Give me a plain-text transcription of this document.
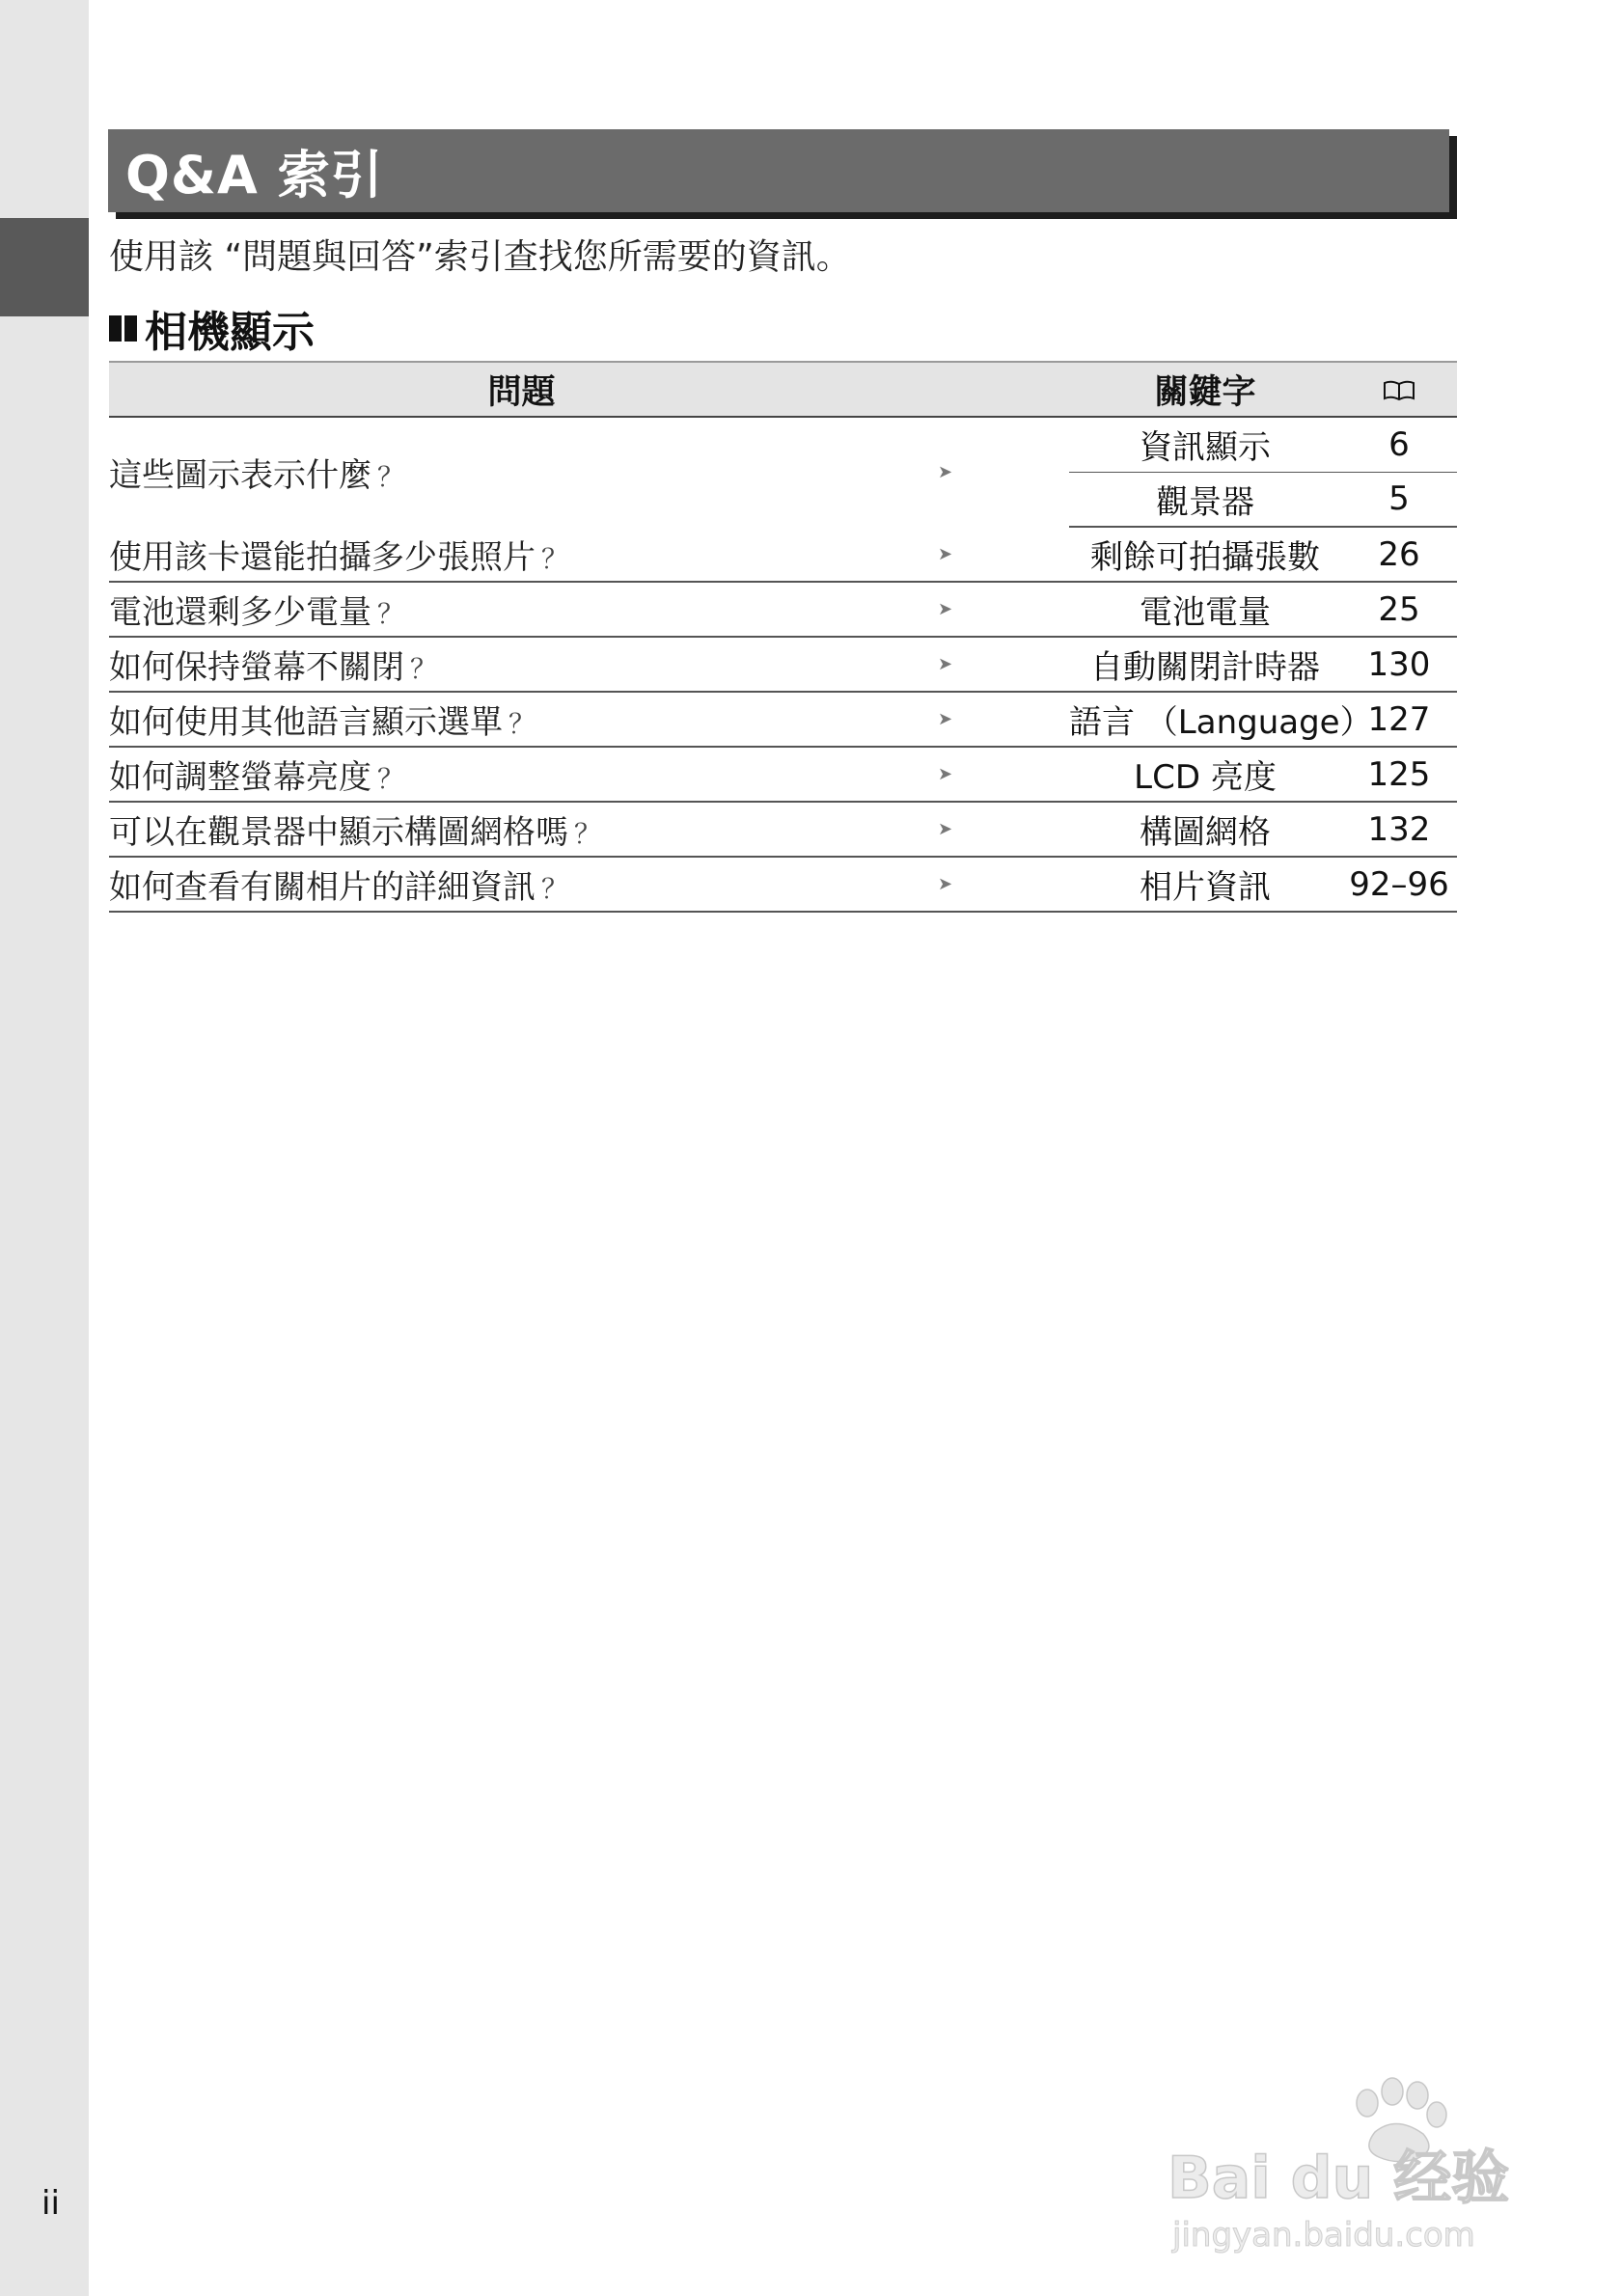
ii
Q&A 索引
使用該 “問題與回答”索引查找您所需要的資訊。
相機顯示
問題		關鍵字	
這些圖示表示什麼 ？	➤	資訊顯示	6
		觀景器	5
使用該卡還能拍攝多少張照片 ？	➤	剩餘可拍攝張數	26
電池還剩多少電量 ？	➤	電池電量	25
如何保持螢幕不關閉 ？	➤	自動關閉計時器	130
如何使用其他語言顯示選單 ？	➤	語言 （Language）	127
如何調整螢幕亮度 ？	➤	LCD 亮度	125
可以在觀景器中顯示構圖網格嗎 ？	➤	構圖網格	132
如何查看有關相片的詳細資訊 ？	➤	相片資訊	92–96
Bai du 经验
jingyan.baidu.com
